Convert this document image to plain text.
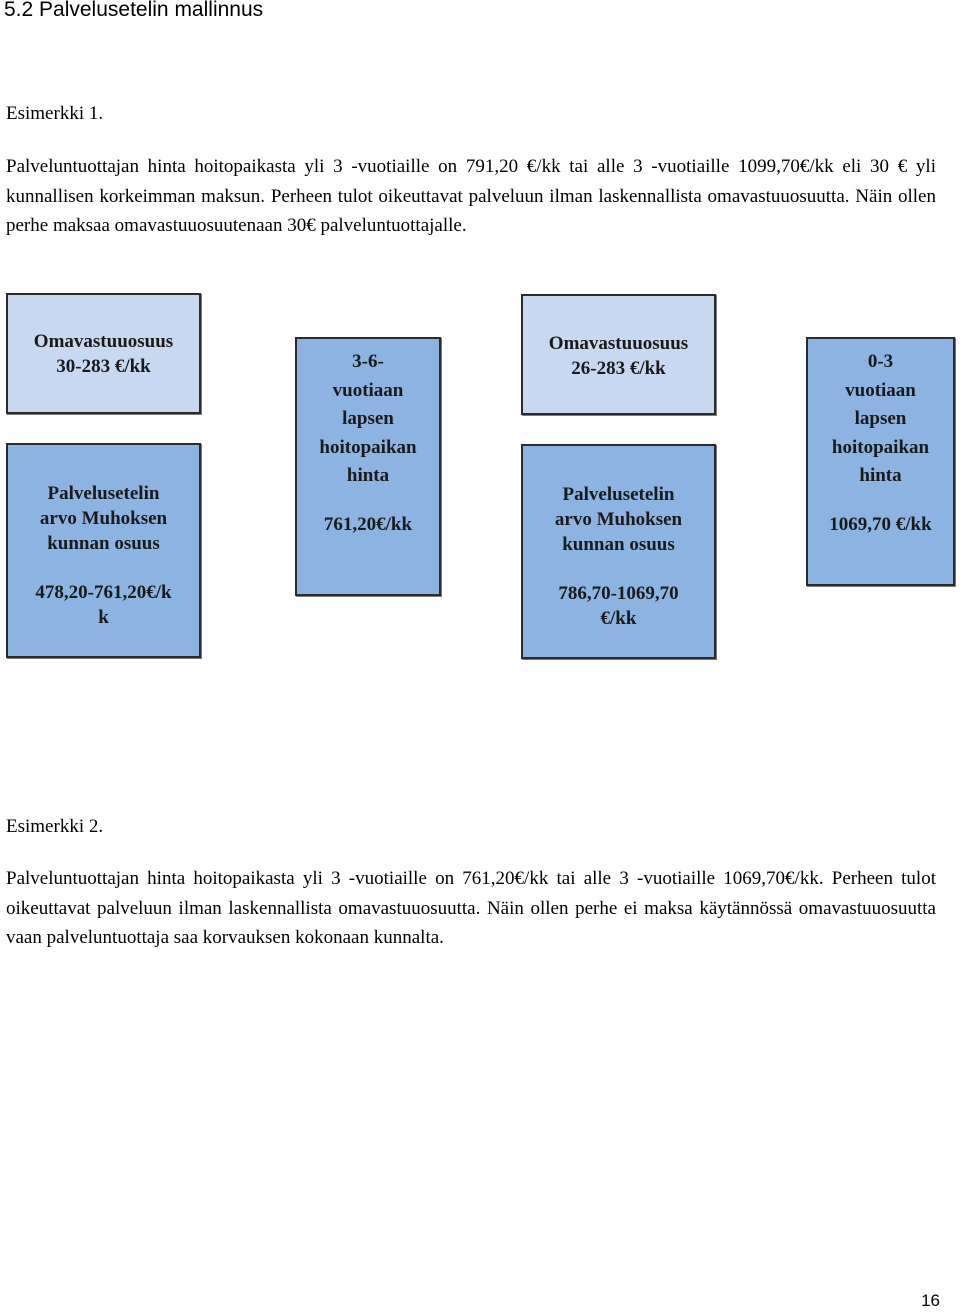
5.2 Palvelusetelin mallinnus

Esimerkki 1.

Palveluntuottajan hinta hoitopaikasta yli 3 -vuotiaille on 791,20 €/kk tai alle 3 -vuotiaille 1099,70€/kk eli 30 € yli kunnallisen korkeimman maksun. Perheen tulot oikeuttavat palveluun ilman laskennallista omavastuuosuutta. Näin ollen perhe maksaa omavastuuosuutenaan 30€ palveluntuottajalle.

Omavastuuosuus
30-283 €/kk
Palvelusetelin
arvo Muhoksen
kunnan osuus
478,20-761,20€/k
k
3-6-
vuotiaan
lapsen
hoitopaikan
hinta
761,20€/kk
Omavastuuosuus
26-283 €/kk
Palvelusetelin
arvo Muhoksen
kunnan osuus
786,70-1069,70
€/kk
0-3
vuotiaan
lapsen
hoitopaikan
hinta
1069,70 €/kk

Esimerkki 2.

Palveluntuottajan hinta hoitopaikasta yli 3 -vuotiaille on 761,20€/kk tai alle 3 -vuotiaille 1069,70€/kk. Perheen tulot oikeuttavat palveluun ilman laskennallista omavastuuosuutta. Näin ollen perhe ei maksa käytännössä omavastuuosuutta vaan palveluntuottaja saa korvauksen kokonaan kunnalta.

16
